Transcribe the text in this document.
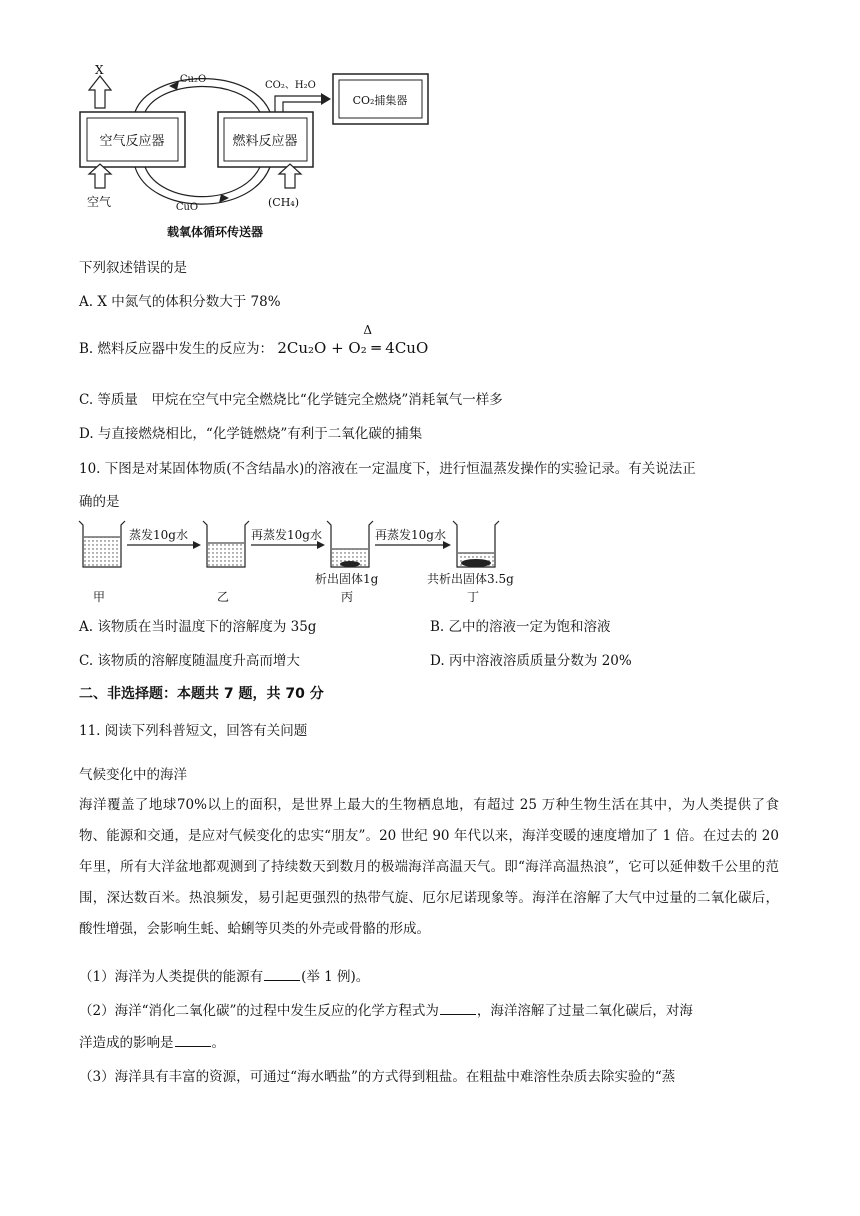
X
空气反应器	燃料反应器
Cu₂O
CuO
空气	(CH₄)
CO₂、H₂O
CO₂捕集器
载氧体循环传送器
下列叙述错误的是
A. X 中氮气的体积分数大于 78%
B. 燃料反应器中发生的反应为：
Δ
2Cu₂O + O₂ ═ 4CuO
C. 等质量　甲烷在空气中完全燃烧比“化学链完全燃烧”消耗氧气一样多
D. 与直接燃烧相比，“化学链燃烧”有利于二氧化碳的捕集
10. 下图是对某固体物质(不含结晶水)的溶液在一定温度下，进行恒温蒸发操作的实验记录。有关说法正
确的是
蒸发10g水	再蒸发10g水	再蒸发10g水
析出固体1g	共析出固体3.5g
甲	乙	丙	丁
A. 该物质在当时温度下的溶解度为 35g	B. 乙中的溶液一定为饱和溶液
C. 该物质的溶解度随温度升高而增大	D. 丙中溶液溶质质量分数为 20%
二、非选择题：本题共 7 题，共 70 分
11. 阅读下列科普短文，回答有关问题
气候变化中的海洋
海洋覆盖了地球70%以上的面积，是世界上最大的生物栖息地，有超过 25 万种生物生活在其中，为人类提供了食物、能源和交通，是应对气候变化的忠实“朋友”。20 世纪 90 年代以来，海洋变暖的速度增加了 1 倍。在过去的 20 年里，所有大洋盆地都观测到了持续数天到数月的极端海洋高温天气。即“海洋高温热浪”，它可以延伸数千公里的范围，深达数百米。热浪频发，易引起更强烈的热带气旋、厄尔尼诺现象等。海洋在溶解了大气中过量的二氧化碳后，酸性增强，会影响生蚝、蛤蜊等贝类的外壳或骨骼的形成。
（1）海洋为人类提供的能源有	(举 1 例)。
（2）海洋“消化二氧化碳”的过程中发生反应的化学方程式为	，海洋溶解了过量二氧化碳后，对海
洋造成的影响是	。
（3）海洋具有丰富的资源，可通过“海水晒盐”的方式得到粗盐。在粗盐中难溶性杂质去除实验的“蒸
